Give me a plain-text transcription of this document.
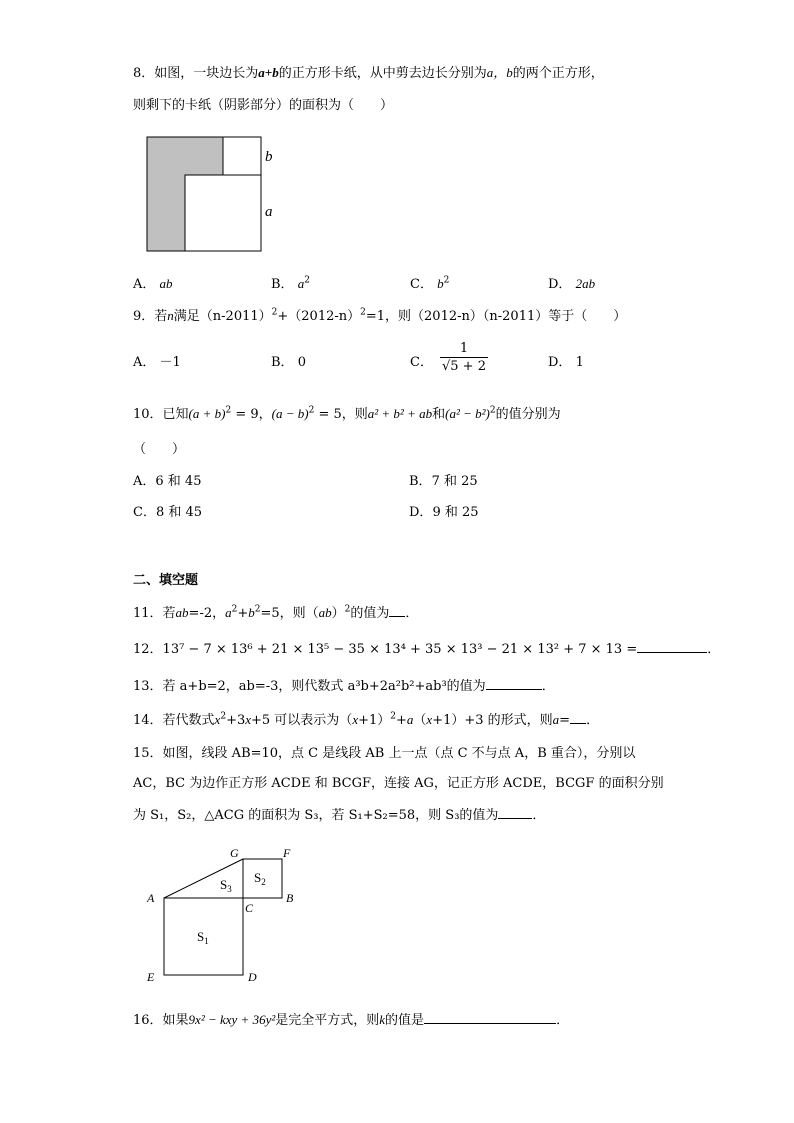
8．如图，一块边长为a+b的正方形卡纸，从中剪去边长分别为a，b的两个正方形，
则剩下的卡纸（阴影部分）的面积为（　　）
b
a
A． ab	B． $a^2$	C． $b^2$	D． 2ab
9．若n满足$(n-2011)^2+(2012-n)^2=1$，则（2012-n）（n-2011）等于（　　）
A． －1	B． 0	C． $\frac{1}{√5 + 2}$	D． 1
10．已知$(a + b)^2 = 9$，$(a - b)^2 = 5$，则a² + b² + ab和$(a^2 - b^2)^2$的值分别为
（　　）
A．6 和 45	B．7 和 25
C．8 和 45	D．9 和 25
二、填空题
11．若ab=-2，$a^2+b^2=5$，则（ab）$^2$的值为 ．
12．13⁷ − 7 × 13⁶ + 21 × 13⁵ − 35 × 13⁴ + 35 × 13³ − 21 × 13² + 7 × 13 =	．
13．若 a+b=2，ab=-3，则代数式 a³b+2a²b²+ab³的值为	．
14．若代数式$x^2+3x+5$ 可以表示为$(x+1)^2+a(x+1)+3$ 的形式，则a= ．
15．如图，线段 AB=10，点 C 是线段 AB 上一点（点 C 不与点 A，B 重合），分别以
AC，BC 为边作正方形 ACDE 和 BCGF，连接 AG，记正方形 ACDE，BCGF 的面积分别
为 S₁，S₂，△ACG 的面积为 S₃，若 S₁+S₂=58，则 S₃的值为	．
G	F
A
C
B
E	D
$S_1$
$S_2$
$S_3$
16．如果9x² − kxy + 36y²是完全平方式，则k的值是	．
